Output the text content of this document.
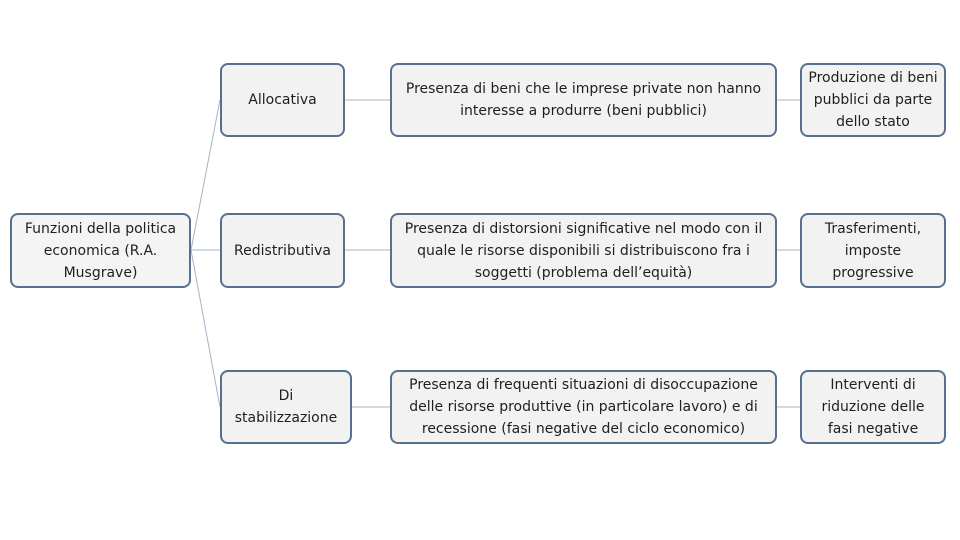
Funzioni della politica economica (R.A. Musgrave)
Allocativa
Presenza di beni che le imprese private non hanno interesse a produrre (beni pubblici)
Produzione di beni pubblici da parte dello stato
Redistributiva
Presenza di distorsioni significative nel modo con il quale le risorse disponibili si distribuiscono fra i soggetti (problema dell’equità)
Trasferimenti, imposte progressive
Di stabilizzazione
Presenza di frequenti situazioni di disoccupazione delle risorse produttive (in particolare lavoro) e di recessione (fasi negative del ciclo economico)
Interventi di riduzione delle fasi negative
